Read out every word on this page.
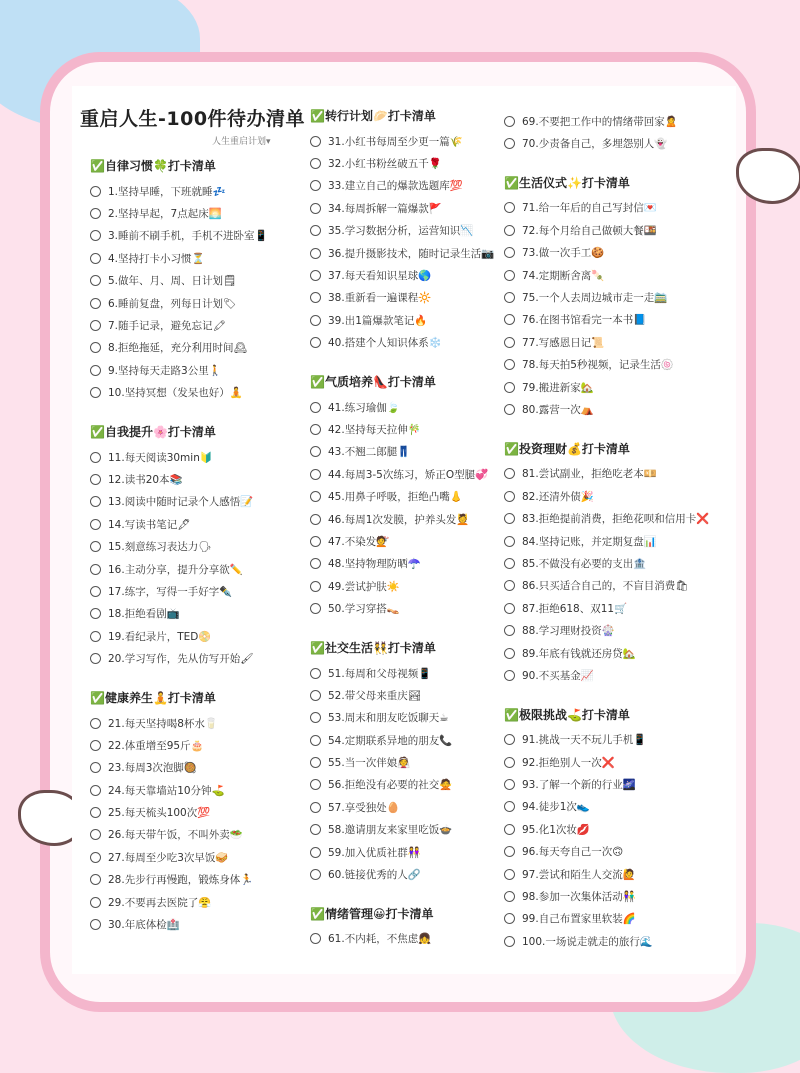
重启人生-100件待办清单
人生重启计划▾
✅自律习惯🍀打卡清单
1.坚持早睡，下班就睡💤
2.坚持早起，7点起床🌅
3.睡前不刷手机，手机不进卧室📱
4.坚持打卡小习惯⏳
5.做年、月、周、日计划🗒
6.睡前复盘，列每日计划🏷
7.随手记录，避免忘记🖍
8.拒绝拖延，充分利用时间🕰
9.坚持每天走路3公里🚶
10.坚持冥想（发呆也好）🧘
✅自我提升🌸打卡清单
11.每天阅读30min🔰
12.读书20本📚
13.阅读中随时记录个人感悟📝
14.写读书笔记🖋
15.刻意练习表达力🗣
16.主动分享，提升分享欲✏️
17.练字，写得一手好字✒️
18.拒绝看剧📺
19.看纪录片，TED📀
20.学习写作，先从仿写开始🖌
✅健康养生🧘打卡清单
21.每天坚持喝8杯水🥛
22.体重增至95斤🎂
23.每周3次泡脚🥘
24.每天靠墙站10分钟⛳
25.每天梳头100次💯
26.每天带午饭，不叫外卖🥗
27.每周至少吃3次早饭🥪
28.先步行再慢跑，锻炼身体🏃
29.不要再去医院了😤
30.年底体检🏥
✅转行计划🥟打卡清单
31.小红书每周至少更一篇🌾
32.小红书粉丝破五千🌹
33.建立自己的爆款选题库💯
34.每周拆解一篇爆款🚩
35.学习数据分析，运营知识📉
36.提升摄影技术，随时记录生活📷
37.每天看知识星球🌎
38.重新看一遍课程🔆
39.出1篇爆款笔记🔥
40.搭建个人知识体系❄️
✅气质培养👠打卡清单
41.练习瑜伽🍃
42.坚持每天拉伸🎋
43.不翘二郎腿👖
44.每周3-5次练习，矫正O型腿💞
45.用鼻子呼吸，拒绝凸嘴👃
46.每周1次发膜，护养头发💆
47.不染发💇
48.坚持物理防晒☂️
49.尝试护肤☀️
50.学习穿搭👡
✅社交生活👯打卡清单
51.每周和父母视频📱
52.带父母来重庆🏞
53.周末和朋友吃饭聊天☕
54.定期联系异地的朋友📞
55.当一次伴娘👰
56.拒绝没有必要的社交🙅
57.享受独处🥚
58.邀请朋友来家里吃饭🍲
59.加入优质社群👭
60.链接优秀的人🔗
✅情绪管理😀打卡清单
61.不内耗，不焦虑👧
69.不要把工作中的情绪带回家🙎
70.少责备自己，多埋怨别人👻
✅生活仪式✨打卡清单
71.给一年后的自己写封信💌
72.每个月给自己做顿大餐🍱
73.做一次手工🍪
74.定期断舍离🍡
75.一个人去周边城市走一走🚞
76.在图书馆看完一本书📘
77.写感恩日记📜
78.每天拍5秒视频，记录生活🍥
79.搬进新家🏡
80.露营一次⛺
✅投资理财💰打卡清单
81.尝试副业，拒绝吃老本💴
82.还清外债🎉
83.拒绝提前消费，拒绝花呗和信用卡❌
84.坚持记账，并定期复盘📊
85.不做没有必要的支出🏦
86.只买适合自己的，不盲目消费🛍
87.拒绝618、双11🛒
88.学习理财投资🎡
89.年底有钱就还房贷🏡
90.不买基金📈
✅极限挑战⛳打卡清单
91.挑战一天不玩儿手机📱
92.拒绝别人一次❌
93.了解一个新的行业🌌
94.徒步1次👟
95.化1次妆💋
96.每天夸自己一次🙃
97.尝试和陌生人交流🙋
98.参加一次集体活动👫
99.自己布置家里软装🌈
100.一场说走就走的旅行🌊
